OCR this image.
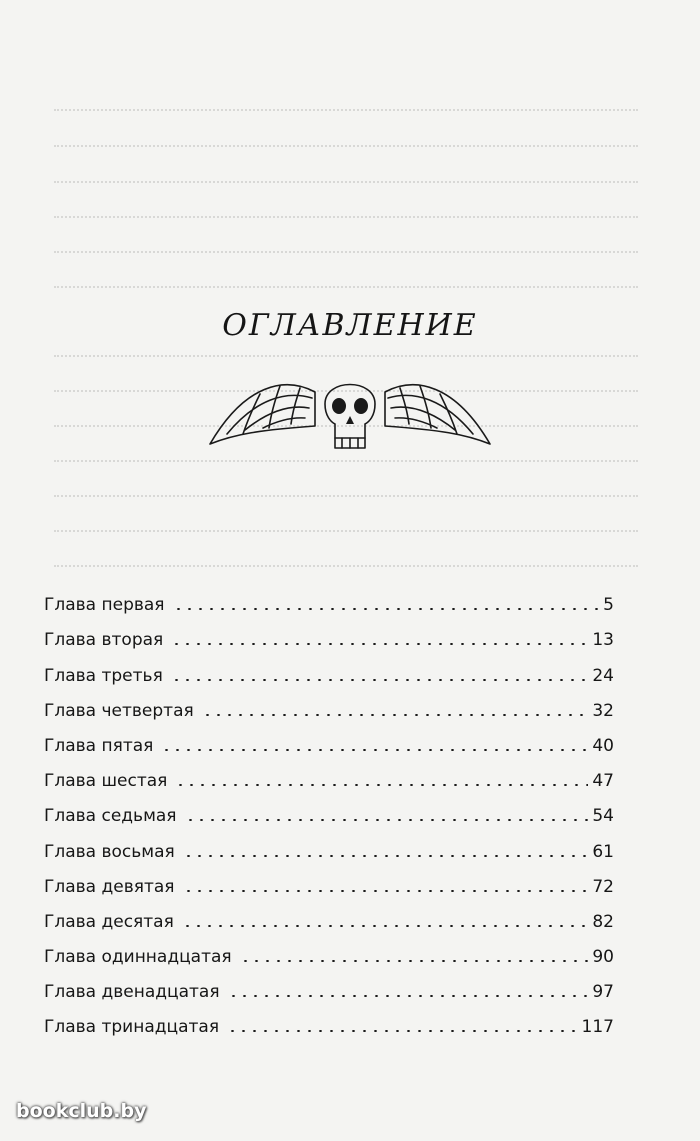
ОГЛАВЛЕНИЕ
Глава первая	5
Глава вторая	13
Глава третья	24
Глава четвертая	32
Глава пятая	40
Глава шестая	47
Глава седьмая	54
Глава восьмая	61
Глава девятая	72
Глава десятая	82
Глава одиннадцатая	90
Глава двенадцатая	97
Глава тринадцатая	117
bookclub.by
